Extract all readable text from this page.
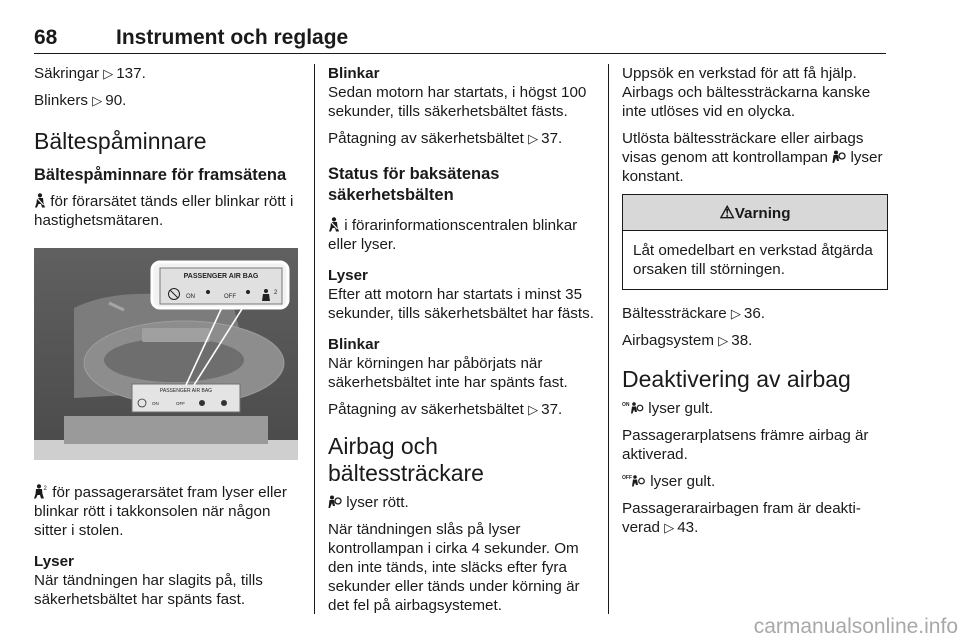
68	Instrument och reglage
Säkringar ▷ 137.
Blinkers ▷ 90.
Bältespåminnare
Bältespåminnare för framsätena
för förarsätet tänds eller blinkar rött i hastighetsmätaren.
PASSENGER AIR BAG
ON	OFF
PASSENGER AIR BAG
ON	OFF
2
2 för passagerarsätet fram lyser eller blinkar rött i takkonsolen när någon sitter i stolen.
Lyser
När tändningen har slagits på, tills säkerhetsbältet har spänts fast.
Blinkar
Sedan motorn har startats, i högst 100 sekunder, tills säkerhetsbältet fästs.
Påtagning av säkerhetsbältet ▷ 37.
Status för baksätenas säkerhetsbälten
i förarinformationscentralen blinkar eller lyser.
Lyser
Efter att motorn har startats i minst 35 sekunder, tills säkerhetsbältet har fästs.
Blinkar
När körningen har påbörjats när säkerhetsbältet inte har spänts fast.
Påtagning av säkerhetsbältet ▷ 37.
Airbag och bältessträckare
lyser rött.
När tändningen slås på lyser kontrollampan i cirka 4 sekunder. Om den inte tänds, inte släcks efter fyra sekunder eller tänds under körning är det fel på airbagsystemet.
Uppsök en verkstad för att få hjälp. Airbags och bältessträckarna kanske inte utlöses vid en olycka.
Utlösta bältessträckare eller airbags visas genom att kontrollampan lyser konstant.
⚠Varning
Låt omedelbart en verkstad åtgärda orsaken till störningen.
Bältessträckare ▷ 36.
Airbagsystem ▷ 38.
Deaktivering av airbag
ON lyser gult.
Passagerarplatsens främre airbag är aktiverad.
OFF lyser gult.
Passagerarairbagen fram är deakti-verad ▷ 43.
carmanualsonline.info
